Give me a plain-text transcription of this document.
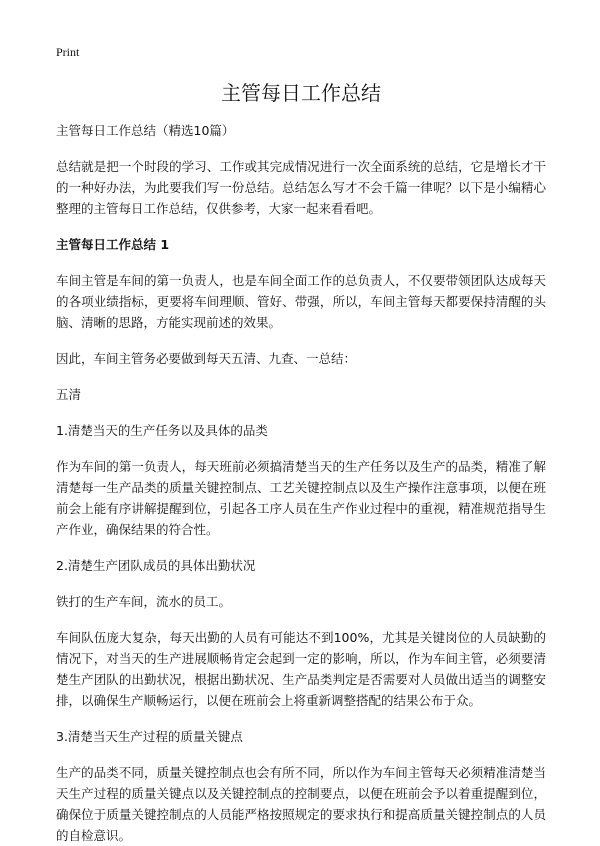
Print
主管每日工作总结
主管每日工作总结（精选10篇）
总结就是把一个时段的学习、工作或其完成情况进行一次全面系统的总结，它是增长才干的一种好办法，为此要我们写一份总结。总结怎么写才不会千篇一律呢？以下是小编精心整理的主管每日工作总结，仅供参考，大家一起来看看吧。
主管每日工作总结 1
车间主管是车间的第一负责人，也是车间全面工作的总负责人，不仅要带领团队达成每天的各项业绩指标，更要将车间理顺、管好、带强，所以，车间主管每天都要保持清醒的头脑、清晰的思路，方能实现前述的效果。
因此，车间主管务必要做到每天五清、九查、一总结：
五清
1.清楚当天的生产任务以及具体的品类
作为车间的第一负责人，每天班前必须搞清楚当天的生产任务以及生产的品类，精准了解清楚每一生产品类的质量关键控制点、工艺关键控制点以及生产操作注意事项，以便在班前会上能有序讲解提醒到位，引起各工序人员在生产作业过程中的重视，精准规范指导生产作业，确保结果的符合性。
2.清楚生产团队成员的具体出勤状况
铁打的生产车间，流水的员工。
车间队伍庞大复杂，每天出勤的人员有可能达不到100%，尤其是关键岗位的人员缺勤的情况下，对当天的生产进展顺畅肯定会起到一定的影响，所以，作为车间主管，必须要清楚生产团队的出勤状况，根据出勤状况、生产品类判定是否需要对人员做出适当的调整安排，以确保生产顺畅运行，以便在班前会上将重新调整搭配的结果公布于众。
3.清楚当天生产过程的质量关键点
生产的品类不同，质量关键控制点也会有所不同，所以作为车间主管每天必须精准清楚当天生产过程的质量关键点以及关键控制点的控制要点，以便在班前会予以着重提醒到位，确保位于质量关键控制点的人员能严格按照规定的要求执行和提高质量关键控制点的人员的自检意识。
